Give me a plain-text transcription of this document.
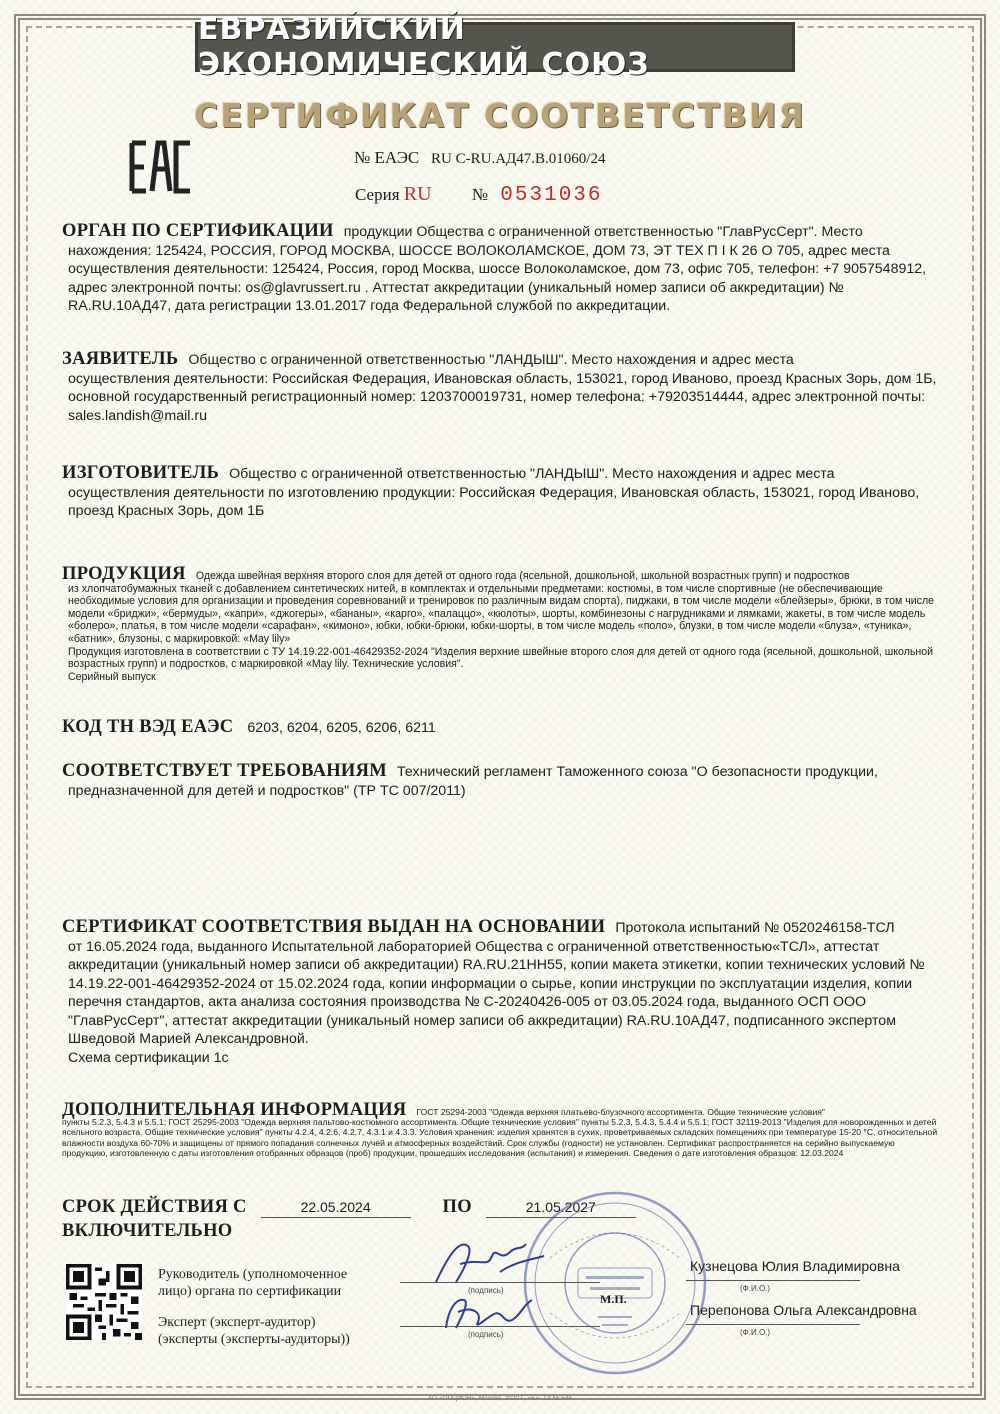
ЕВРАЗИЙСКИЙ ЭКОНОМИЧЕСКИЙ СОЮЗ
СЕРТИФИКАТ СООТВЕТСТВИЯ
№ ЕАЭС RU С-RU.АД47.В.01060/24
Серия RU № 0531036
ОРГАН ПО СЕРТИФИКАЦИИ продукции Общества с ограниченной ответственностью "ГлавРусСерт". Место
нахождения: 125424, РОССИЯ, ГОРОД МОСКВА, ШОССЕ ВОЛОКОЛАМСКОЕ, ДОМ 73, ЭТ ТЕХ П I К 26 О 705, адрес места осуществления деятельности: 125424, Россия, город Москва, шоссе Волоколамское, дом 73, офис 705, телефон: +7 9057548912, адрес электронной почты: os@glavrussert.ru . Аттестат аккредитации (уникальный номер записи об аккредитации) № RA.RU.10АД47, дата регистрации 13.01.2017 года Федеральной службой по аккредитации.
ЗАЯВИТЕЛЬ Общество с ограниченной ответственностью "ЛАНДЫШ". Место нахождения и адрес места
осуществления деятельности: Российская Федерация, Ивановская область, 153021, город Иваново, проезд Красных Зорь, дом 1Б, основной государственный регистрационный номер: 1203700019731, номер телефона: +79203514444, адрес электронной почты: sales.landish@mail.ru
ИЗГОТОВИТЕЛЬ Общество с ограниченной ответственностью "ЛАНДЫШ". Место нахождения и адрес места
осуществления деятельности по изготовлению продукции: Российская Федерация, Ивановская область, 153021, город Иваново, проезд Красных Зорь, дом 1Б
ПРОДУКЦИЯ Одежда швейная верхняя второго слоя для детей от одного года (ясельной, дошкольной, школьной возрастных групп) и подростков
из хлопчатобумажных тканей с добавлением синтетических нитей, в комплектах и отдельными предметами: костюмы, в том числе спортивные (не обеспечивающие необходимые условия для организации и проведения соревнований и тренировок по различным видам спорта), пиджаки, в том числе модели «блейзеры», брюки, в том числе модели «бриджи», «бермуды», «капри», «джогеры», «бананы», «карго», «палаццо», «кюлоты», шорты, комбинезоны с нагрудниками и лямками, жакеты, в том числе модель «болеро», платья, в том числе модели «сарафан», «кимоно», юбки, юбки-брюки, юбки-шорты, в том числе модель «поло», блузки, в том числе модели «блуза», «туника», «батник», блузоны, с маркировкой: «May lily»
Продукция изготовлена в соответствии с ТУ 14.19.22-001-46429352-2024 "Изделия верхние швейные второго слоя для детей от одного года (ясельной, дошкольной, школьной возрастных групп) и подростков, с маркировкой «May lily. Технические условия".
Серийный выпуск
КОД ТН ВЭД ЕАЭС 6203, 6204, 6205, 6206, 6211
СООТВЕТСТВУЕТ ТРЕБОВАНИЯМ Технический регламент Таможенного союза "О безопасности продукции,
предназначенной для детей и подростков" (ТР ТС 007/2011)
СЕРТИФИКАТ СООТВЕТСТВИЯ ВЫДАН НА ОСНОВАНИИ Протокола испытаний № 0520246158-ТСЛ
от 16.05.2024 года, выданного Испытательной лабораторией Общества с ограниченной ответственностью«ТСЛ», аттестат аккредитации (уникальный номер записи об аккредитации) RA.RU.21НН55, копии макета этикетки, копии технических условий № 14.19.22-001-46429352-2024 от 15.02.2024 года, копии информации о сырье, копии инструкции по эксплуатации изделия, копии перечня стандартов, акта анализа состояния производства № С-20240426-005 от 03.05.2024 года, выданного ОСП ООО "ГлавРусСерт", аттестат аккредитации (уникальный номер записи об аккредитации) RA.RU.10АД47, подписанного экспертом Шведовой Марией Александровной.
Схема сертификации 1с
ДОПОЛНИТЕЛЬНАЯ ИНФОРМАЦИЯ ГОСТ 25294-2003 "Одежда верхняя платьево-блузочного ассортимента. Общие технические условия"
пункты 5.2.3, 5.4.3 и 5.5.1; ГОСТ 25295-2003 "Одежда верхняя пальтово-костюмного ассортимента. Общие технические условия" пункты 5.2.3, 5.4.3, 5.4.4 и 5.5.1; ГОСТ 32119-2013 "Изделия для новорожденных и детей ясельного возраста. Общие технические условия" пункты 4.2.4, 4.2.6, 4.2.7, 4.3.1 и 4.3.3. Условия хранения: изделия хранятся в сухих, проветриваемых складских помещениях при температуре 15-20 °С, относительной влажности воздуха 60-70% и защищены от прямого попадания солнечных лучей и атмосферных воздействий. Срок службы (годности) не установлен. Сертификат распространяется на серийно выпускаемую продукцию, изготовленную с даты изготовления отобранных образцов (проб) продукции, прошедших исследования (испытания) и измерения. Сведения о дате изготовления образцов: 12.03.2024
СРОК ДЕЙСТВИЯ С	22.05.2024	ПО	21.05.2027
ВКЛЮЧИТЕЛЬНО
Руководитель (уполномоченное
лицо) органа по сертификации	(подпись)
Кузнецова Юлия Владимировна
(Ф.И.О.)
Эксперт (эксперт-аудитор)
(эксперты (эксперты-аудиторы))	(подпись)
Перепонова Ольга Александровна
(Ф.И.О.)
М.П.
АО «ОПЦИОН», Москва, 2020 г., «Б». ТЗ № 545
